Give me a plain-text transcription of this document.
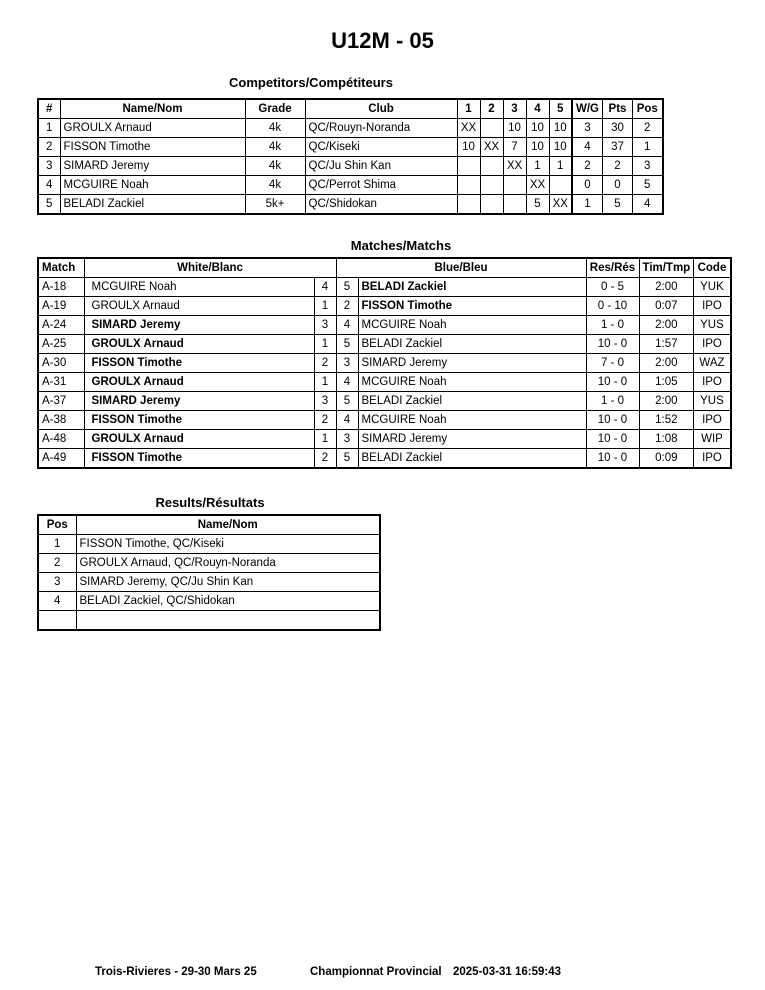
U12M - 05
Competitors/Compétiteurs
#	Name/Nom	Grade	Club	1	2	3	4	5	W/G	Pts	Pos
1	GROULX Arnaud	4k	QC/Rouyn-Noranda	XX		10	10	10	3	30	2
2	FISSON Timothe	4k	QC/Kiseki	10	XX	7	10	10	4	37	1
3	SIMARD Jeremy	4k	QC/Ju Shin Kan			XX	1	1	2	2	3
4	MCGUIRE Noah	4k	QC/Perrot Shima				XX		0	0	5
5	BELADI Zackiel	5k+	QC/Shidokan				5	XX	1	5	4
Matches/Matchs
Match	White/Blanc		Blue/Bleu		Res/Rés	Tim/Tmp	Code
A-18	MCGUIRE Noah	4	5	BELADI Zackiel	0 - 5	2:00	YUK
A-19	GROULX Arnaud	1	2	FISSON Timothe	0 - 10	0:07	IPO
A-24	SIMARD Jeremy	3	4	MCGUIRE Noah	1 - 0	2:00	YUS
A-25	GROULX Arnaud	1	5	BELADI Zackiel	10 - 0	1:57	IPO
A-30	FISSON Timothe	2	3	SIMARD Jeremy	7 - 0	2:00	WAZ
A-31	GROULX Arnaud	1	4	MCGUIRE Noah	10 - 0	1:05	IPO
A-37	SIMARD Jeremy	3	5	BELADI Zackiel	1 - 0	2:00	YUS
A-38	FISSON Timothe	2	4	MCGUIRE Noah	10 - 0	1:52	IPO
A-48	GROULX Arnaud	1	3	SIMARD Jeremy	10 - 0	1:08	WIP
A-49	FISSON Timothe	2	5	BELADI Zackiel	10 - 0	0:09	IPO
Results/Résultats
Pos	Name/Nom
1	FISSON Timothe, QC/Kiseki
2	GROULX Arnaud, QC/Rouyn-Noranda
3	SIMARD Jeremy, QC/Ju Shin Kan
4	BELADI Zackiel, QC/Shidokan

Trois-Rivieres - 29-30 Mars 25	Championnat Provincial 2025-03-31 16:59:43
